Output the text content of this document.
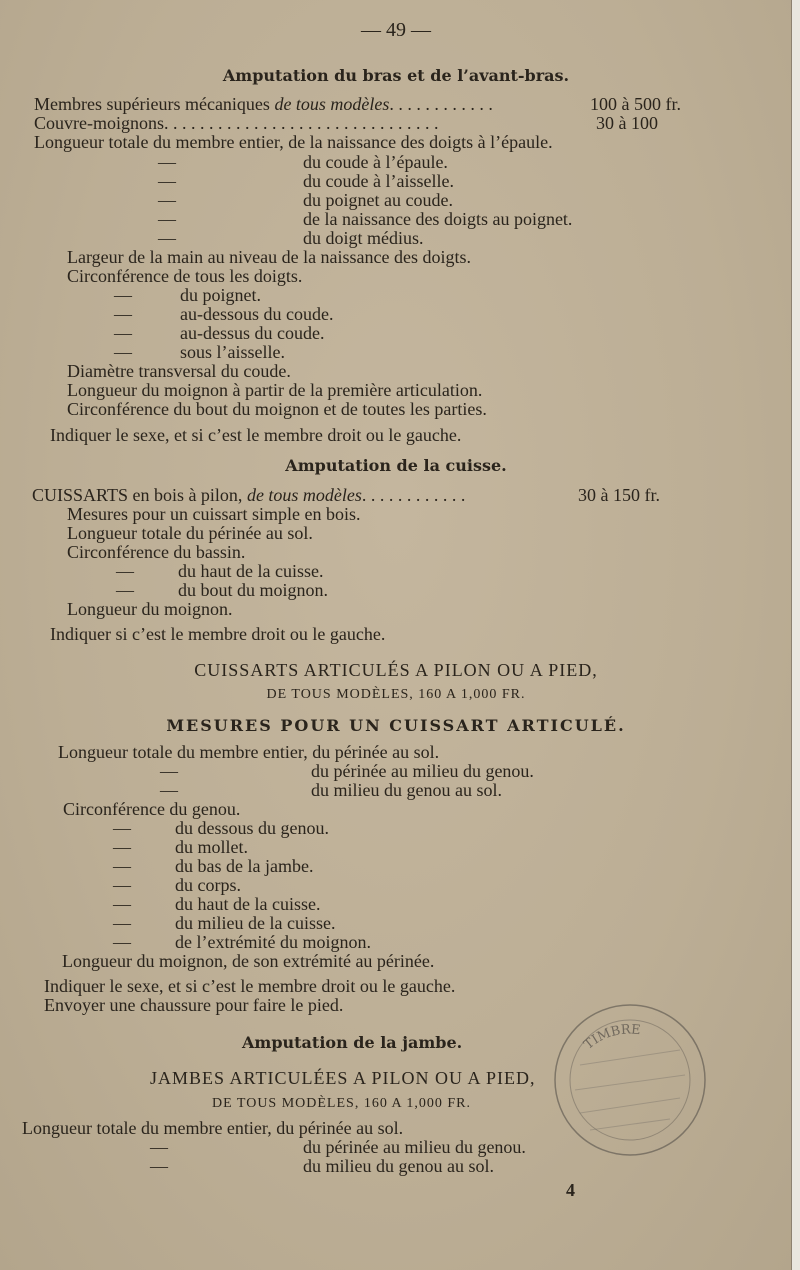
— 49 —
Amputation du bras et de l’avant-bras.
Membres supérieurs mécaniques de tous modèles. . . . . . . . . . . .	100 à 500 fr.
Couvre-moignons. . . . . . . . . . . . . . . . . . . . . . . . . . . . . . .	30 à 100
Longueur totale du membre entier, de la naissance des doigts à l’épaule.
—	du coude à l’épaule.
—	du coude à l’aisselle.
—	du poignet au coude.
—	de la naissance des doigts au poignet.
—	du doigt médius.
Largeur de la main au niveau de la naissance des doigts.
Circonférence de tous les doigts.
—	du poignet.
—	au-dessous du coude.
—	au-dessus du coude.
—	sous l’aisselle.
Diamètre transversal du coude.
Longueur du moignon à partir de la première articulation.
Circonférence du bout du moignon et de toutes les parties.
Indiquer le sexe, et si c’est le membre droit ou le gauche.
Amputation de la cuisse.
CUISSARTS en bois à pilon, de tous modèles. . . . . . . . . . . .	30 à 150 fr.
Mesures pour un cuissart simple en bois.
Longueur totale du périnée au sol.
Circonférence du bassin.
— du haut de la cuisse.
— du bout du moignon.
Longueur du moignon.
Indiquer si c’est le membre droit ou le gauche.
CUISSARTS ARTICULÉS A PILON OU A PIED,
DE TOUS MODÈLES, 160 A 1,000 FR.
MESURES POUR UN CUISSART ARTICULÉ.
Longueur totale du membre entier, du périnée au sol.
—	du périnée au milieu du genou.
—	du milieu du genou au sol.
Circonférence du genou.
— du dessous du genou.
— du mollet.
— du bas de la jambe.
— du corps.
— du haut de la cuisse.
— du milieu de la cuisse.
— de l’extrémité du moignon.
Longueur du moignon, de son extrémité au périnée.
Indiquer le sexe, et si c’est le membre droit ou le gauche.
Envoyer une chaussure pour faire le pied.
Amputation de la jambe.
JAMBES ARTICULÉES A PILON OU A PIED,
DE TOUS MODÈLES, 160 A 1,000 FR.
Longueur totale du membre entier, du périnée au sol.
—	du périnée au milieu du genou.
—	du milieu du genou au sol.
4
TIMBRE
